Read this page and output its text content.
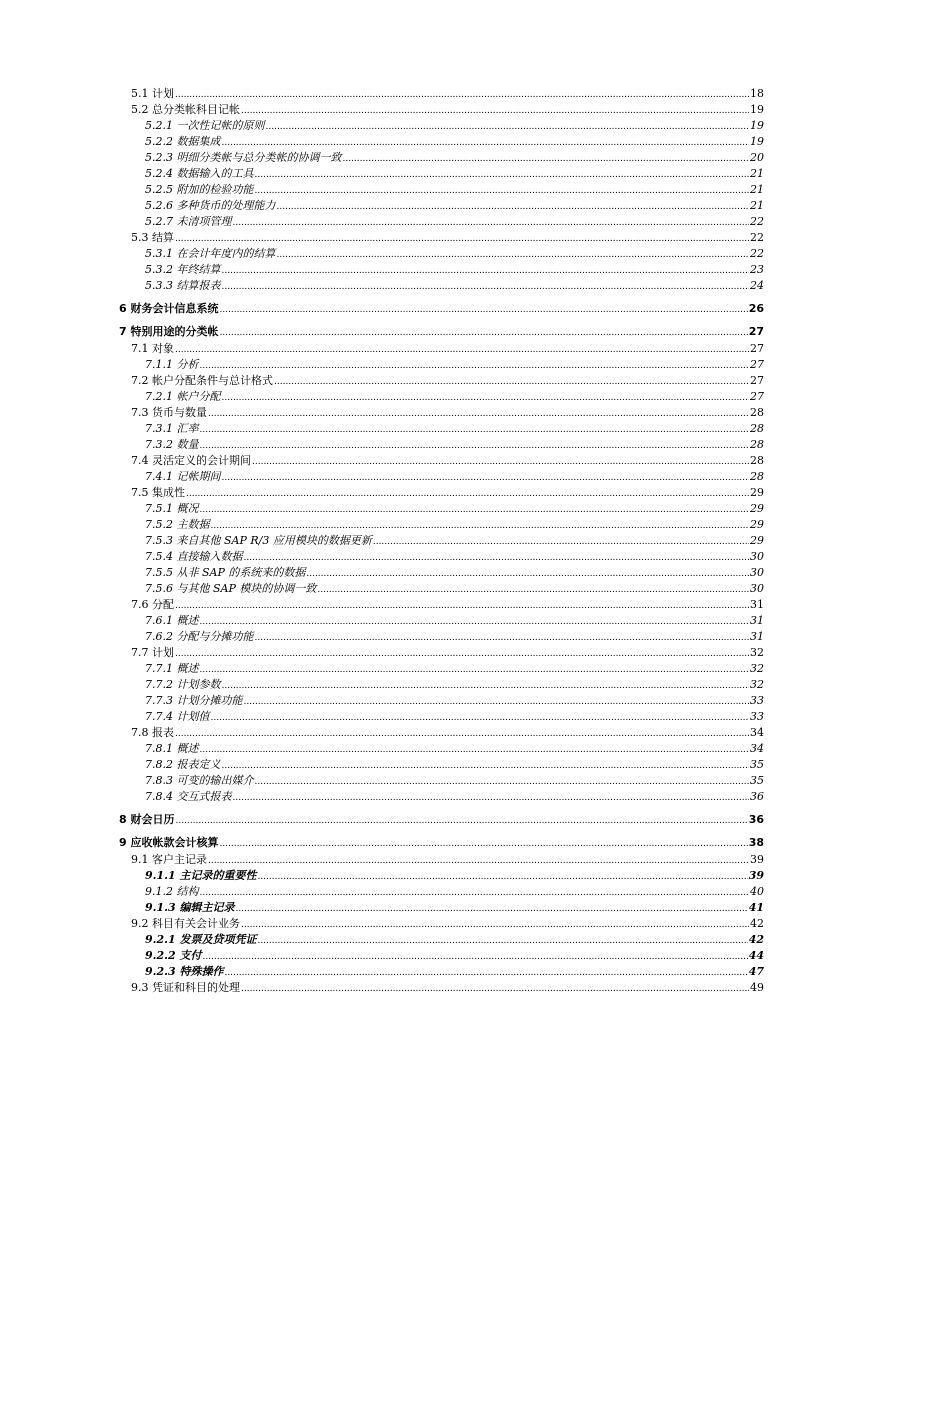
5.1 计划 .....	18
5.2 总分类帐科目记帐 .....	19
5.2.1 一次性记帐的原则 .....	19
5.2.2 数据集成 .....	19
5.2.3 明细分类帐与总分类帐的协调一致 .....	20
5.2.4 数据输入的工具 .....	21
5.2.5 附加的检验功能 .....	21
5.2.6 多种货币的处理能力 .....	21
5.2.7 未清项管理 .....	22
5.3 结算 .....	22
5.3.1 在会计年度内的结算 .....	22
5.3.2 年终结算 .....	23
5.3.3 结算报表 .....	24
6 财务会计信息系统 .....	26
7 特别用途的分类帐 .....	27
7.1 对象 .....	27
7.1.1 分析 .....	27
7.2 帐户分配条件与总计格式 .....	27
7.2.1 帐户分配 .....	27
7.3 货币与数量 .....	28
7.3.1 汇率 .....	28
7.3.2 数量 .....	28
7.4 灵活定义的会计期间 .....	28
7.4.1 记帐期间 .....	28
7.5 集成性 .....	29
7.5.1 概况 .....	29
7.5.2 主数据 .....	29
7.5.3 来自其他 SAP R/3 应用模块的数据更新 .....	29
7.5.4 直接输入数据 .....	30
7.5.5 从非 SAP 的系统来的数据 .....	30
7.5.6 与其他 SAP 模块的协调一致 .....	30
7.6 分配 .....	31
7.6.1 概述 .....	31
7.6.2 分配与分摊功能 .....	31
7.7 计划 .....	32
7.7.1 概述 .....	32
7.7.2 计划参数 .....	32
7.7.3 计划分摊功能 .....	33
7.7.4 计划值 .....	33
7.8 报表 .....	34
7.8.1 概述 .....	34
7.8.2 报表定义 .....	35
7.8.3 可变的输出媒介 .....	35
7.8.4 交互式报表 .....	36
8 财会日历 .....	36
9 应收帐款会计核算 .....	38
9.1 客户主记录 .....	39
9.1.1 主记录的重要性 .....	39
9.1.2 结构 .....	40
9.1.3 编辑主记录 .....	41
9.2 科目有关会计业务 .....	42
9.2.1 发票及贷项凭证 .....	42
9.2.2 支付 .....	44
9.2.3 特殊操作 .....	47
9.3 凭证和科目的处理 .....	49
